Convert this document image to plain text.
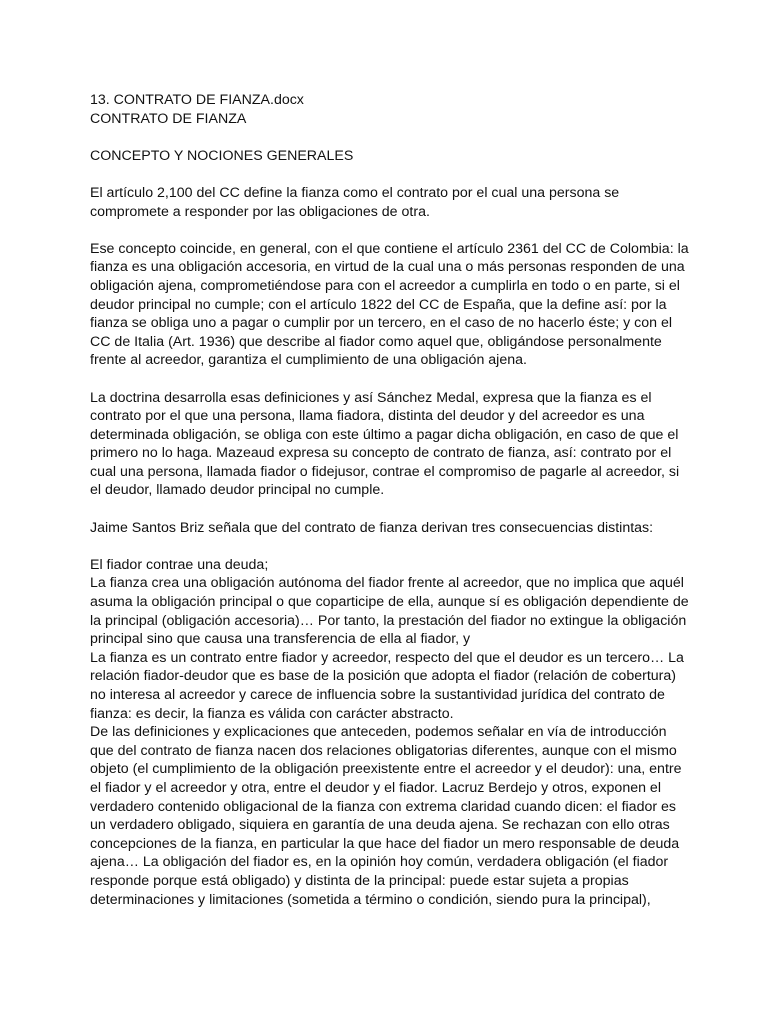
13. CONTRATO DE FIANZA.docx
CONTRATO DE FIANZA
CONCEPTO Y NOCIONES GENERALES
El artículo 2,100 del CC define la fianza como el contrato por el cual una persona se
compromete a responder por las obligaciones de otra.
Ese concepto coincide, en general, con el que contiene el artículo 2361 del CC de Colombia: la
fianza es una obligación accesoria, en virtud de la cual una o más personas responden de una
obligación ajena, comprometiéndose para con el acreedor a cumplirla en todo o en parte, si el
deudor principal no cumple; con el artículo 1822 del CC de España, que la define así: por la
fianza se obliga uno a pagar o cumplir por un tercero, en el caso de no hacerlo éste; y con el
CC de Italia (Art. 1936) que describe al fiador como aquel que, obligándose personalmente
frente al acreedor, garantiza el cumplimiento de una obligación ajena.
La doctrina desarrolla esas definiciones y así Sánchez Medal, expresa que la fianza es el
contrato por el que una persona, llama fiadora, distinta del deudor y del acreedor es una
determinada obligación, se obliga con este último a pagar dicha obligación, en caso de que el
primero no lo haga. Mazeaud expresa su concepto de contrato de fianza, así: contrato por el
cual una persona, llamada fiador o fidejusor, contrae el compromiso de pagarle al acreedor, si
el deudor, llamado deudor principal no cumple.
Jaime Santos Briz señala que del contrato de fianza derivan tres consecuencias distintas:
El fiador contrae una deuda;
La fianza crea una obligación autónoma del fiador frente al acreedor, que no implica que aquél
asuma la obligación principal o que coparticipe de ella, aunque sí es obligación dependiente de
la principal (obligación accesoria)… Por tanto, la prestación del fiador no extingue la obligación
principal sino que causa una transferencia de ella al fiador, y
La fianza es un contrato entre fiador y acreedor, respecto del que el deudor es un tercero… La
relación fiador-deudor que es base de la posición que adopta el fiador (relación de cobertura)
no interesa al acreedor y carece de influencia sobre la sustantividad jurídica del contrato de
fianza: es decir, la fianza es válida con carácter abstracto.
De las definiciones y explicaciones que anteceden, podemos señalar en vía de introducción
que del contrato de fianza nacen dos relaciones obligatorias diferentes, aunque con el mismo
objeto (el cumplimiento de la obligación preexistente entre el acreedor y el deudor): una, entre
el fiador y el acreedor y otra, entre el deudor y el fiador. Lacruz Berdejo y otros, exponen el
verdadero contenido obligacional de la fianza con extrema claridad cuando dicen: el fiador es
un verdadero obligado, siquiera en garantía de una deuda ajena. Se rechazan con ello otras
concepciones de la fianza, en particular la que hace del fiador un mero responsable de deuda
ajena… La obligación del fiador es, en la opinión hoy común, verdadera obligación (el fiador
responde porque está obligado) y distinta de la principal: puede estar sujeta a propias
determinaciones y limitaciones (sometida a término o condición, siendo pura la principal),
